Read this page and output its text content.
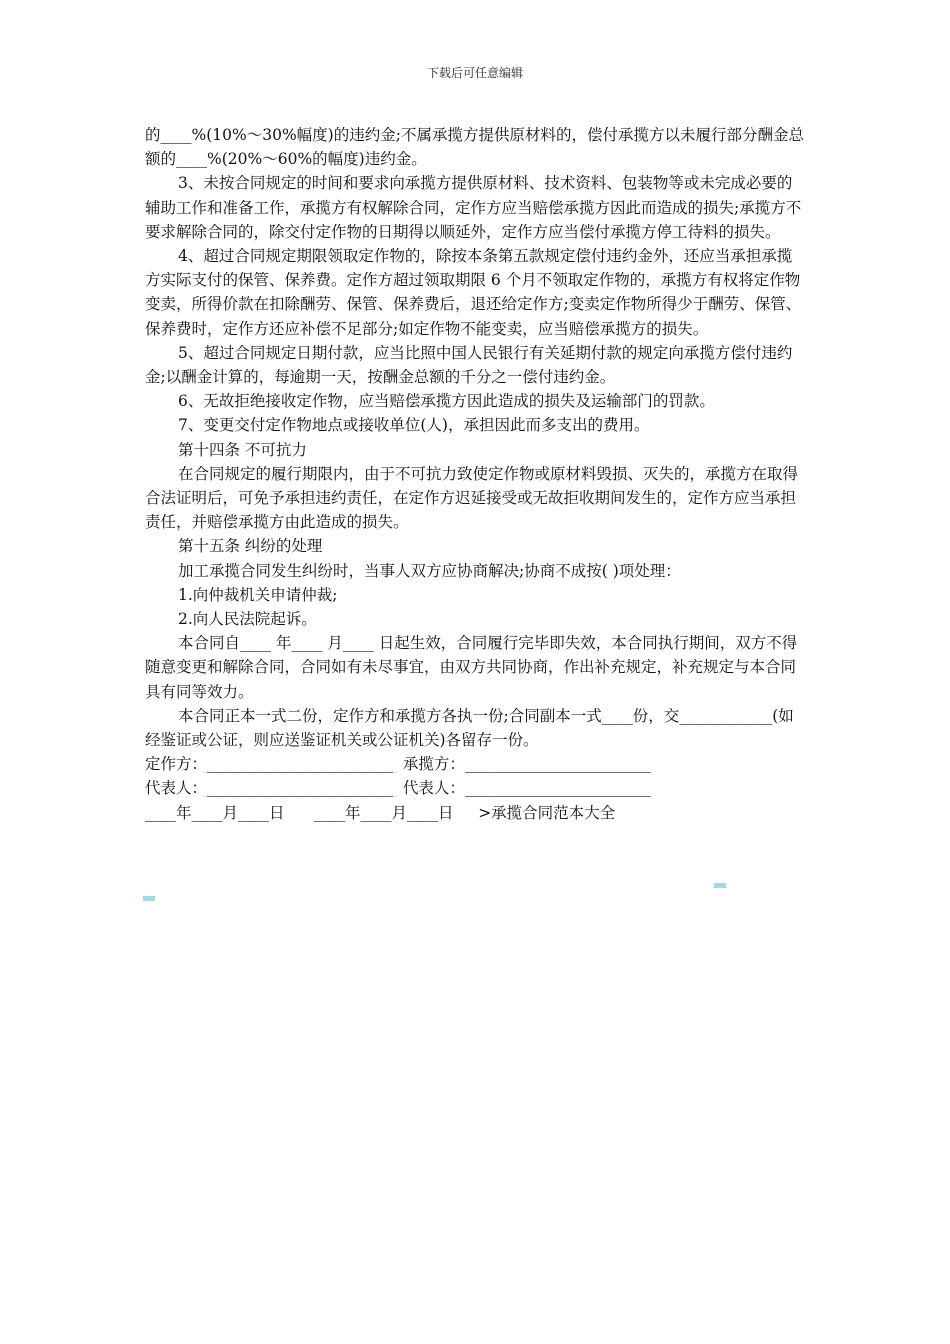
下载后可任意编辑

的____%(10%～30%幅度)的违约金;不属承揽方提供原材料的，偿付承揽方以未履行部分酬金总额的____%(20%～60%的幅度)违约金。

3、未按合同规定的时间和要求向承揽方提供原材料、技术资料、包装物等或未完成必要的辅助工作和准备工作，承揽方有权解除合同，定作方应当赔偿承揽方因此而造成的损失;承揽方不要求解除合同的，除交付定作物的日期得以顺延外，定作方应当偿付承揽方停工待料的损失。

4、超过合同规定期限领取定作物的，除按本条第五款规定偿付违约金外，还应当承担承揽方实际支付的保管、保养费。定作方超过领取期限 6 个月不领取定作物的，承揽方有权将定作物变卖，所得价款在扣除酬劳、保管、保养费后，退还给定作方;变卖定作物所得少于酬劳、保管、保养费时，定作方还应补偿不足部分;如定作物不能变卖，应当赔偿承揽方的损失。

5、超过合同规定日期付款，应当比照中国人民银行有关延期付款的规定向承揽方偿付违约金;以酬金计算的，每逾期一天，按酬金总额的千分之一偿付违约金。

6、无故拒绝接收定作物，应当赔偿承揽方因此造成的损失及运输部门的罚款。

7、变更交付定作物地点或接收单位(人)，承担因此而多支出的费用。

第十四条 不可抗力

在合同规定的履行期限内，由于不可抗力致使定作物或原材料毁损、灭失的，承揽方在取得合法证明后，可免予承担违约责任，在定作方迟延接受或无故拒收期间发生的，定作方应当承担责任，并赔偿承揽方由此造成的损失。

第十五条 纠纷的处理

加工承揽合同发生纠纷时，当事人双方应协商解决;协商不成按( )项处理：

1.向仲裁机关申请仲裁;

2.向人民法院起诉。

本合同自____ 年____ 月____ 日起生效，合同履行完毕即失效，本合同执行期间，双方不得随意变更和解除合同，合同如有未尽事宜，由双方共同协商，作出补充规定，补充规定与本合同具有同等效力。

本合同正本一式二份，定作方和承揽方各执一份;合同副本一式____份，交____________(如经鉴证或公证，则应送鉴证机关或公证机关)各留存一份。

定作方：________________________  承揽方：________________________

代表人：________________________  代表人：________________________

____年____月____日      ____年____月____日     >承揽合同范本大全
